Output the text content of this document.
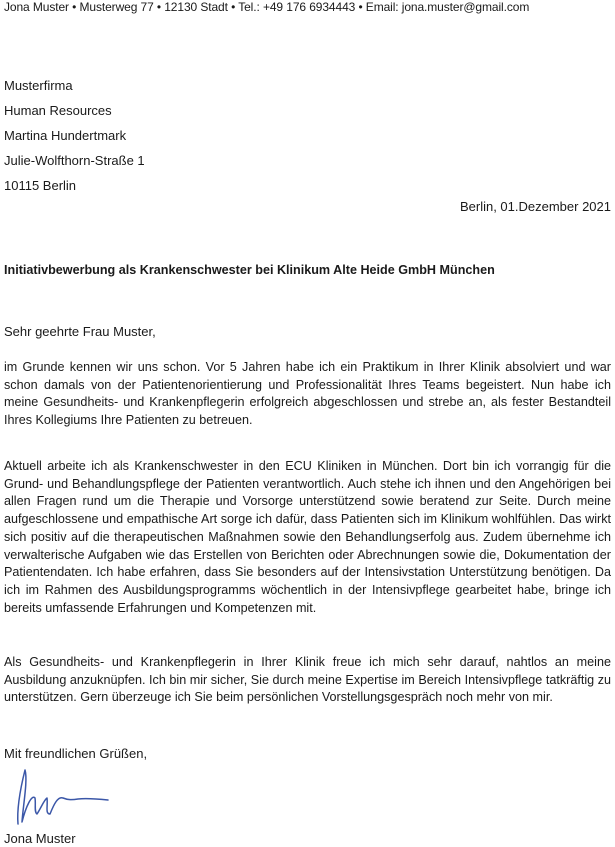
Jona Muster • Musterweg 77 • 12130 Stadt • Tel.: +49 176 6934443 • Email: jona.muster@gmail.com
Musterfirma
Human Resources
Martina Hundertmark
Julie-Wolfthorn-Straße 1
10115 Berlin
Berlin, 01.Dezember 2021
Initiativbewerbung als Krankenschwester bei Klinikum Alte Heide GmbH München
Sehr geehrte Frau Muster,

im Grunde kennen wir uns schon. Vor 5 Jahren habe ich ein Praktikum in Ihrer Klinik absolviert und war schon damals von der Patientenorientierung und Professionalität Ihres Teams begeistert. Nun habe ich meine Gesundheits- und Krankenpflegerin erfolgreich abgeschlossen und strebe an, als fester Bestandteil Ihres Kollegiums Ihre Patienten zu betreuen.

Aktuell arbeite ich als Krankenschwester in den ECU Kliniken in München. Dort bin ich vorrangig für die Grund- und Behandlungspflege der Patienten verantwortlich. Auch stehe ich ihnen und den Angehörigen bei allen Fragen rund um die Therapie und Vorsorge unterstützend sowie beratend zur Seite. Durch meine aufgeschlossene und empathische Art sorge ich dafür, dass Patienten sich im Klinikum wohlfühlen. Das wirkt sich positiv auf die therapeutischen Maßnahmen sowie den Behandlungserfolg aus. Zudem übernehme ich verwalterische Aufgaben wie das Erstellen von Berichten oder Abrechnungen sowie die, Dokumentation der Patientendaten. Ich habe erfahren, dass Sie besonders auf der Intensivstation Unterstützung benötigen. Da ich im Rahmen des Ausbildungsprogramms wöchentlich in der Intensivpflege gearbeitet habe, bringe ich bereits umfassende Erfahrungen und Kompetenzen mit.

Als Gesundheits- und Krankenpflegerin in Ihrer Klinik freue ich mich sehr darauf, nahtlos an meine Ausbildung anzuknüpfen. Ich bin mir sicher, Sie durch meine Expertise im Bereich Intensivpflege tatkräftig zu unterstützen. Gern überzeuge ich Sie beim persönlichen Vorstellungsgespräch noch mehr von mir.

Mit freundlichen Grüßen,
Jona Muster
